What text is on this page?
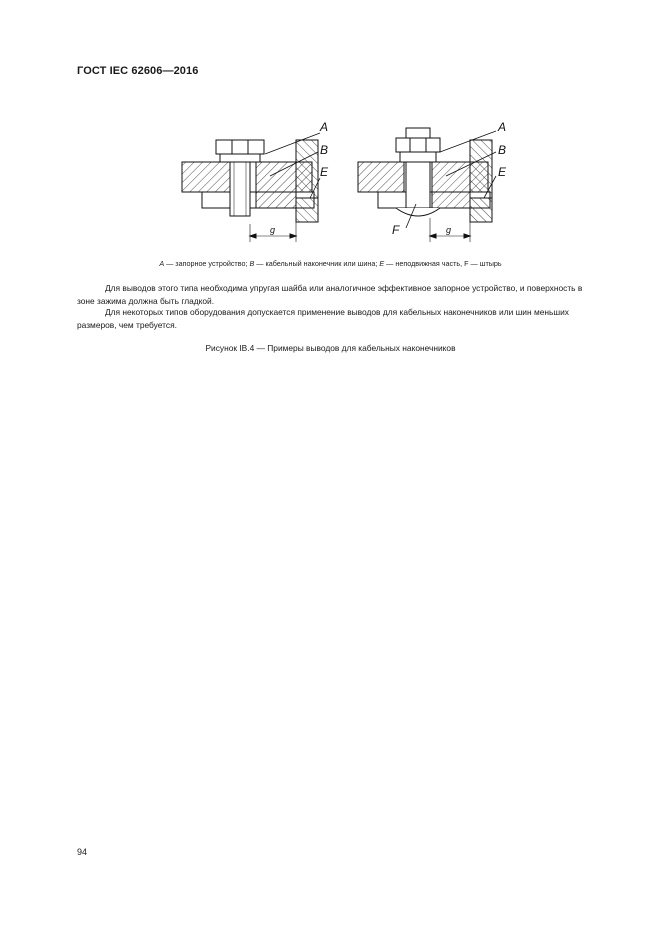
ГОСТ IEC 62606—2016
A
B
E
g
A
B
E
F	g
A — запорное устройство; B — кабельный наконечник или шина; E — неподвижная часть, F — штырь
Для выводов этого типа необходима упругая шайба или аналогичное эффективное запорное устройство, и поверхность в зоне зажима должна быть гладкой.
Для некоторых типов оборудования допускается применение выводов для кабельных наконечников или шин меньших размеров, чем требуется.
Рисунок IB.4 — Примеры выводов для кабельных наконечников
94
